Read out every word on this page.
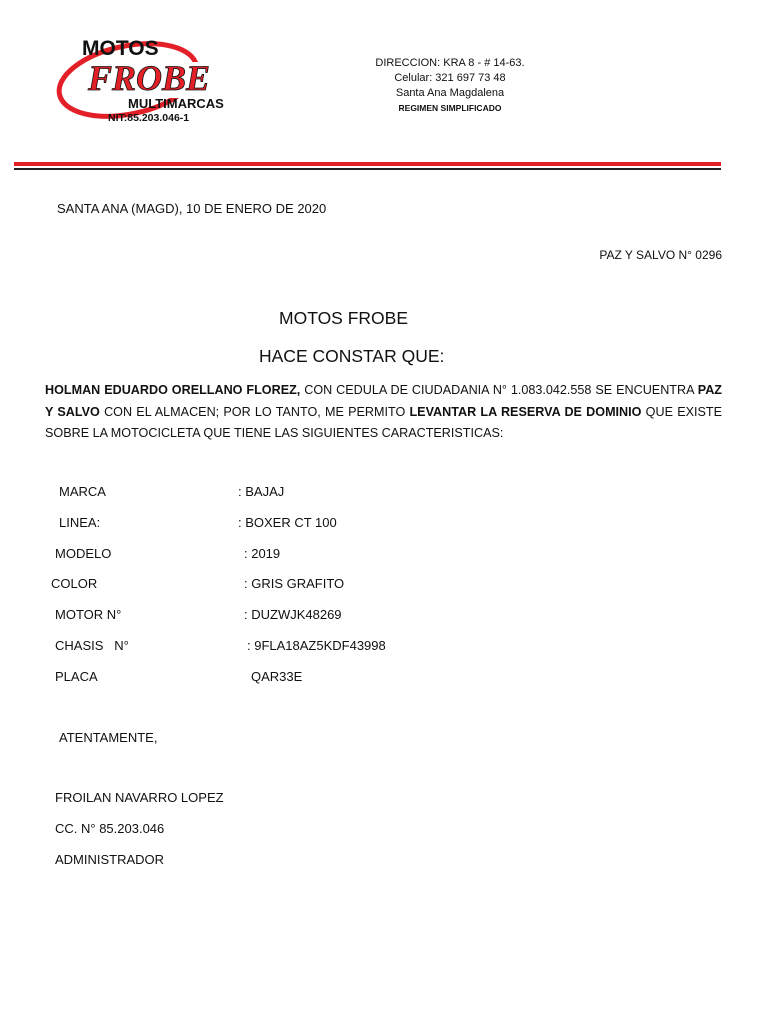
MOTOS
FROBE
MULTIMARCAS
NIT:85.203.046-1
DIRECCION: KRA 8 - # 14-63.
Celular: 321 697 73 48
Santa Ana Magdalena
REGIMEN SIMPLIFICADO
SANTA ANA (MAGD), 10 DE ENERO DE 2020
PAZ Y SALVO N° 0296
MOTOS FROBE
HACE CONSTAR QUE:
HOLMAN EDUARDO ORELLANO FLOREZ, CON CEDULA DE CIUDADANIA N° 1.083.042.558 SE ENCUENTRA PAZ Y SALVO CON EL ALMACEN; POR LO TANTO, ME PERMITO LEVANTAR LA RESERVA DE DOMINIO QUE EXISTE SOBRE LA MOTOCICLETA QUE TIENE LAS SIGUIENTES CARACTERISTICAS:
MARCA	: BAJAJ
LINEA:	: BOXER CT 100
MODELO	: 2019
COLOR	: GRIS GRAFITO
MOTOR N°	: DUZWJK48269
CHASIS   N°	: 9FLA18AZ5KDF43998
PLACA	QAR33E
ATENTAMENTE,
FROILAN NAVARRO LOPEZ
CC. N° 85.203.046
ADMINISTRADOR
